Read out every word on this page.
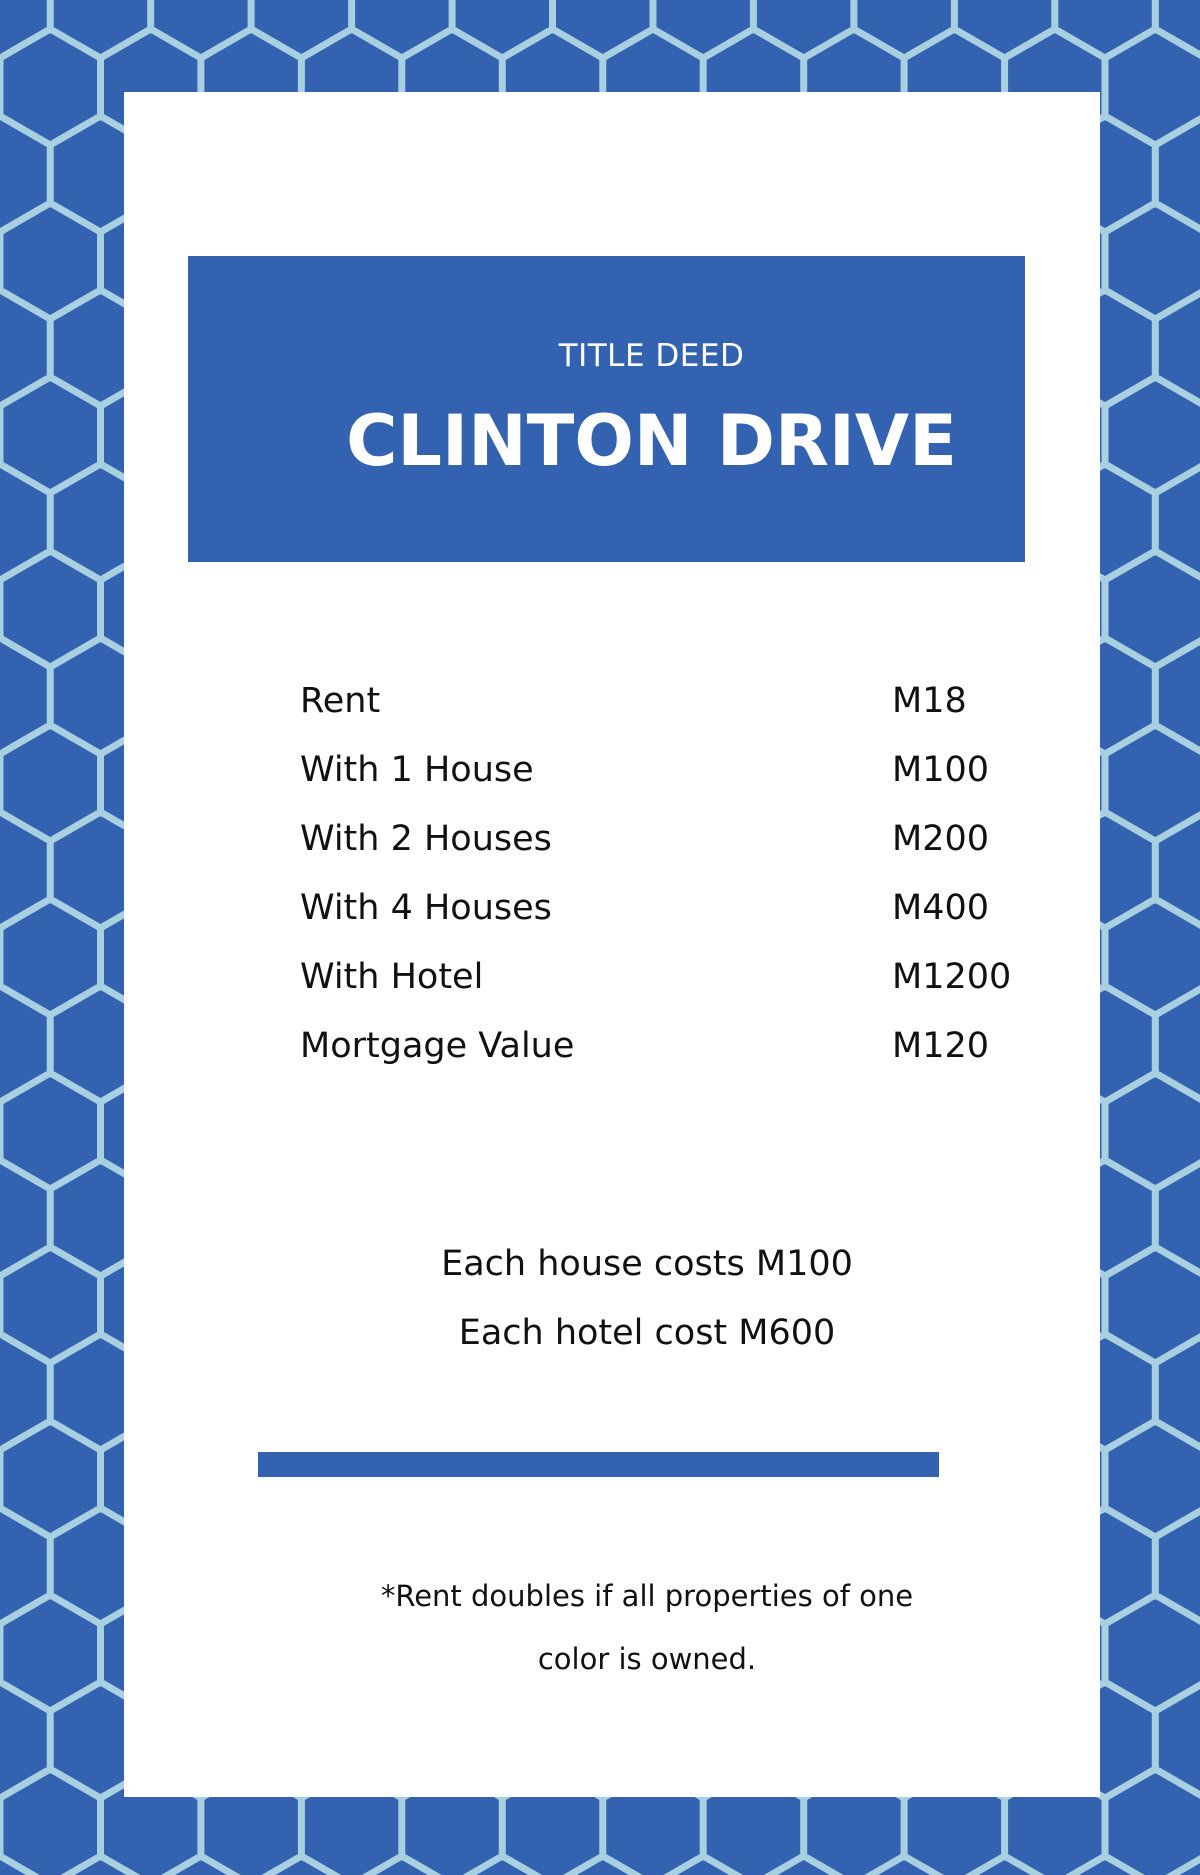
TITLE DEED
CLINTON DRIVE
Rent	M18
With 1 House	M100
With 2 Houses	M200
With 4 Houses	M400
With Hotel	M1200
Mortgage Value	M120
Each house costs M100
Each hotel cost M600
*Rent doubles if all properties of one
color is owned.
